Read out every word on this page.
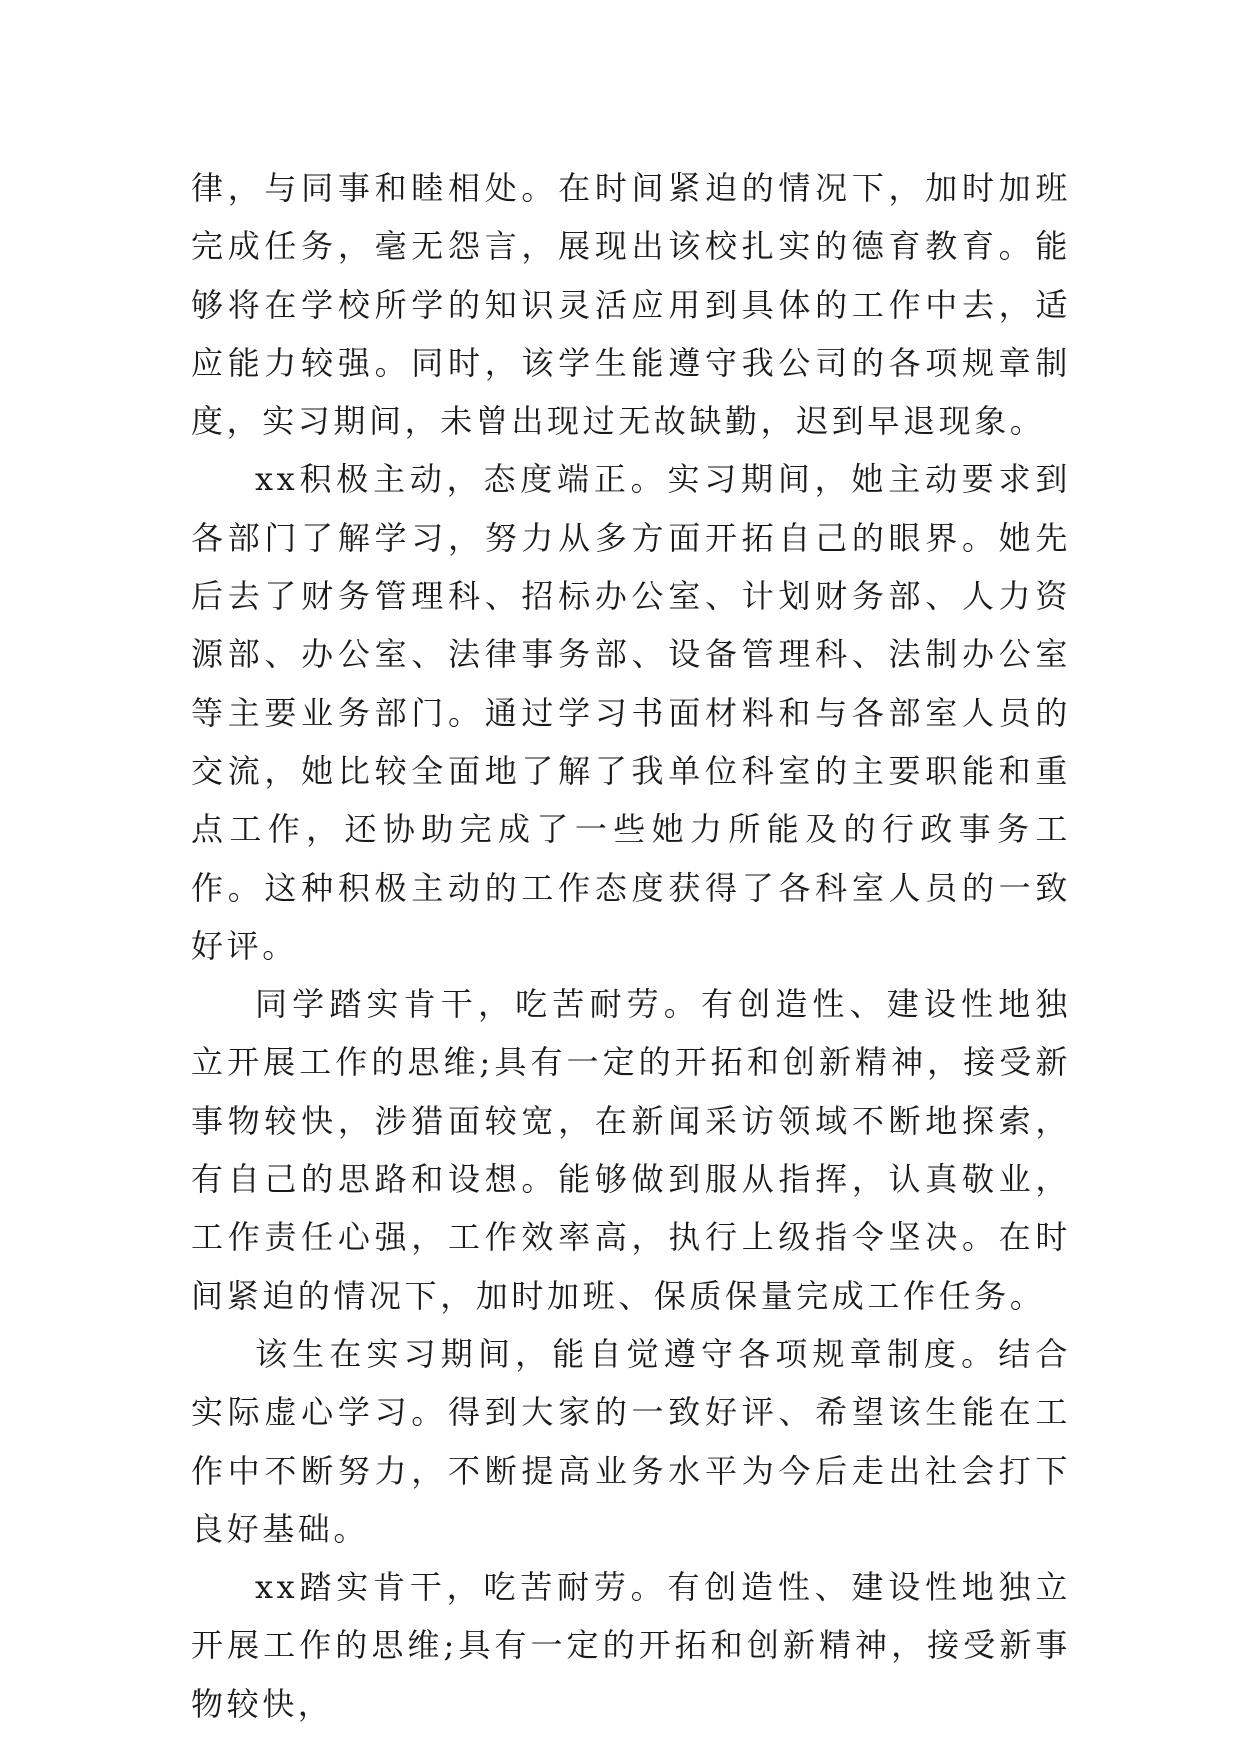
律，与同事和睦相处。在时间紧迫的情况下，加时加班完成任务，毫无怨言，展现出该校扎实的德育教育。能够将在学校所学的知识灵活应用到具体的工作中去，适应能力较强。同时，该学生能遵守我公司的各项规章制度，实习期间，未曾出现过无故缺勤，迟到早退现象。

xx积极主动，态度端正。实习期间，她主动要求到各部门了解学习，努力从多方面开拓自己的眼界。她先后去了财务管理科、招标办公室、计划财务部、人力资源部、办公室、法律事务部、设备管理科、法制办公室等主要业务部门。通过学习书面材料和与各部室人员的交流，她比较全面地了解了我单位科室的主要职能和重点工作，还协助完成了一些她力所能及的行政事务工作。这种积极主动的工作态度获得了各科室人员的一致好评。

同学踏实肯干，吃苦耐劳。有创造性、建设性地独立开展工作的思维;具有一定的开拓和创新精神，接受新事物较快，涉猎面较宽，在新闻采访领域不断地探索，有自己的思路和设想。能够做到服从指挥，认真敬业，工作责任心强，工作效率高，执行上级指令坚决。在时间紧迫的情况下，加时加班、保质保量完成工作任务。

该生在实习期间，能自觉遵守各项规章制度。结合实际虚心学习。得到大家的一致好评、希望该生能在工作中不断努力，不断提高业务水平为今后走出社会打下良好基础。

xx踏实肯干，吃苦耐劳。有创造性、建设性地独立开展工作的思维;具有一定的开拓和创新精神，接受新事物较快，
